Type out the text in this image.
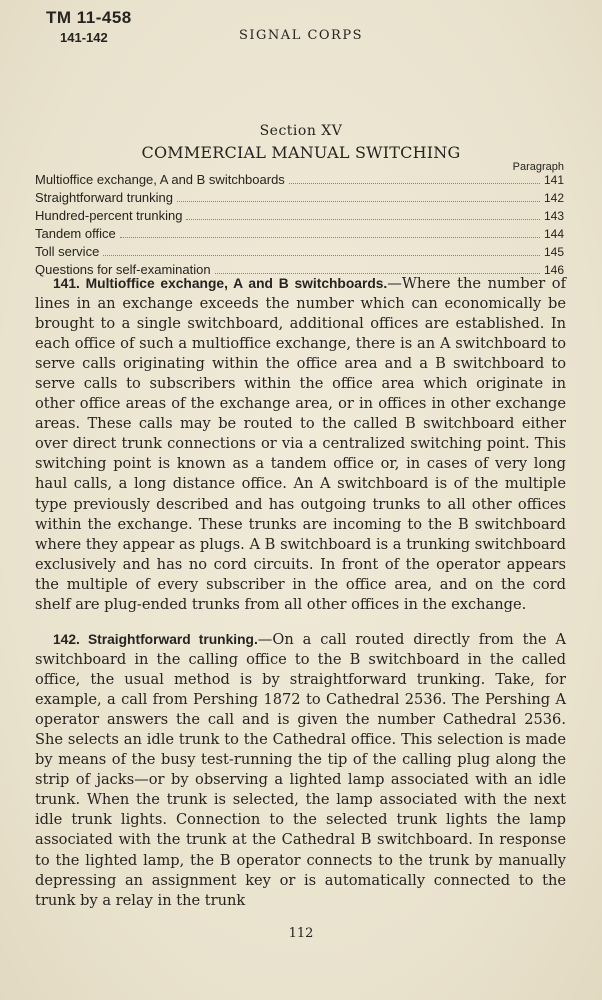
TM 11-458
141-142	SIGNAL CORPS
Section XV
COMMERCIAL MANUAL SWITCHING
Paragraph
Multioffice exchange, A and B switchboards	141
Straightforward trunking	142
Hundred-percent trunking	143
Tandem office	144
Toll service	145
Questions for self-examination	146

141. Multioffice exchange, A and B switchboards.—Where the number of lines in an exchange exceeds the number which can economically be brought to a single switchboard, additional offices are established. In each office of such a multioffice exchange, there is an A switchboard to serve calls originating within the office area and a B switchboard to serve calls to subscribers within the office area which originate in other office areas of the exchange area, or in offices in other exchange areas. These calls may be routed to the called B switchboard either over direct trunk connections or via a centralized switching point. This switching point is known as a tandem office or, in cases of very long haul calls, a long distance office. An A switchboard is of the multiple type previously described and has outgoing trunks to all other offices within the exchange. These trunks are incoming to the B switchboard where they appear as plugs. A B switchboard is a trunking switchboard exclusively and has no cord circuits. In front of the operator appears the multiple of every subscriber in the office area, and on the cord shelf are plug-ended trunks from all other offices in the exchange.

142. Straightforward trunking.—On a call routed directly from the A switchboard in the calling office to the B switchboard in the called office, the usual method is by straightforward trunking. Take, for example, a call from Pershing 1872 to Cathedral 2536. The Pershing A operator answers the call and is given the number Cathedral 2536. She selects an idle trunk to the Cathedral office. This selection is made by means of the busy test-running the tip of the calling plug along the strip of jacks—or by observing a lighted lamp associated with an idle trunk. When the trunk is selected, the lamp associated with the next idle trunk lights. Connection to the selected trunk lights the lamp associated with the trunk at the Cathedral B switchboard. In response to the lighted lamp, the B operator connects to the trunk by manually depressing an assignment key or is automatically connected to the trunk by a relay in the trunk

112
